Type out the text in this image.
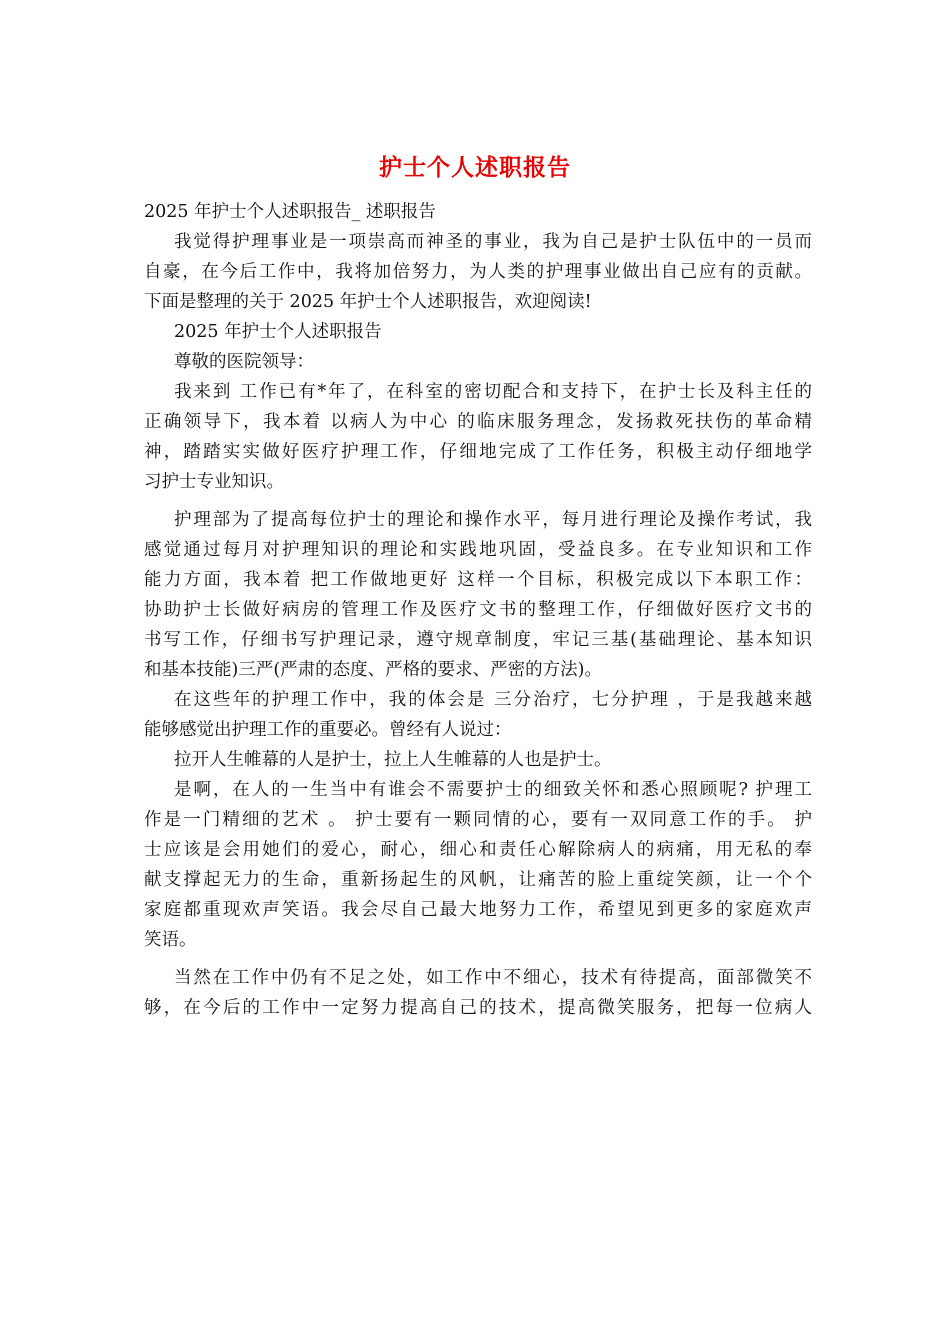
护士个人述职报告
2025 年护士个人述职报告_ 述职报告
我觉得护理事业是一项崇高而神圣的事业，我为自己是护士队伍中的一员而
自豪，在今后工作中，我将加倍努力，为人类的护理事业做出自己应有的贡献。
下面是整理的关于 2025 年护士个人述职报告，欢迎阅读!
2025 年护士个人述职报告
尊敬的医院领导：
我来到 工作已有*年了，在科室的密切配合和支持下，在护士长及科主任的
正确领导下，我本着 以病人为中心 的临床服务理念，发扬救死扶伤的革命精
神，踏踏实实做好医疗护理工作，仔细地完成了工作任务，积极主动仔细地学
习护士专业知识。
护理部为了提高每位护士的理论和操作水平，每月进行理论及操作考试，我
感觉通过每月对护理知识的理论和实践地巩固，受益良多。在专业知识和工作
能力方面，我本着 把工作做地更好 这样一个目标，积极完成以下本职工作：
协助护士长做好病房的管理工作及医疗文书的整理工作，仔细做好医疗文书的
书写工作，仔细书写护理记录，遵守规章制度，牢记三基(基础理论、基本知识
和基本技能)三严(严肃的态度、严格的要求、严密的方法)。
在这些年的护理工作中，我的体会是 三分治疗，七分护理 ，于是我越来越
能够感觉出护理工作的重要必。曾经有人说过：
拉开人生帷幕的人是护士，拉上人生帷幕的人也是护士。
是啊，在人的一生当中有谁会不需要护士的细致关怀和悉心照顾呢? 护理工
作是一门精细的艺术 。 护士要有一颗同情的心，要有一双同意工作的手。 护
士应该是会用她们的爱心，耐心，细心和责任心解除病人的病痛，用无私的奉
献支撑起无力的生命，重新扬起生的风帆，让痛苦的脸上重绽笑颜，让一个个
家庭都重现欢声笑语。我会尽自己最大地努力工作，希望见到更多的家庭欢声
笑语。
当然在工作中仍有不足之处，如工作中不细心，技术有待提高，面部微笑不
够，在今后的工作中一定努力提高自己的技术，提高微笑服务，把每一位病人
